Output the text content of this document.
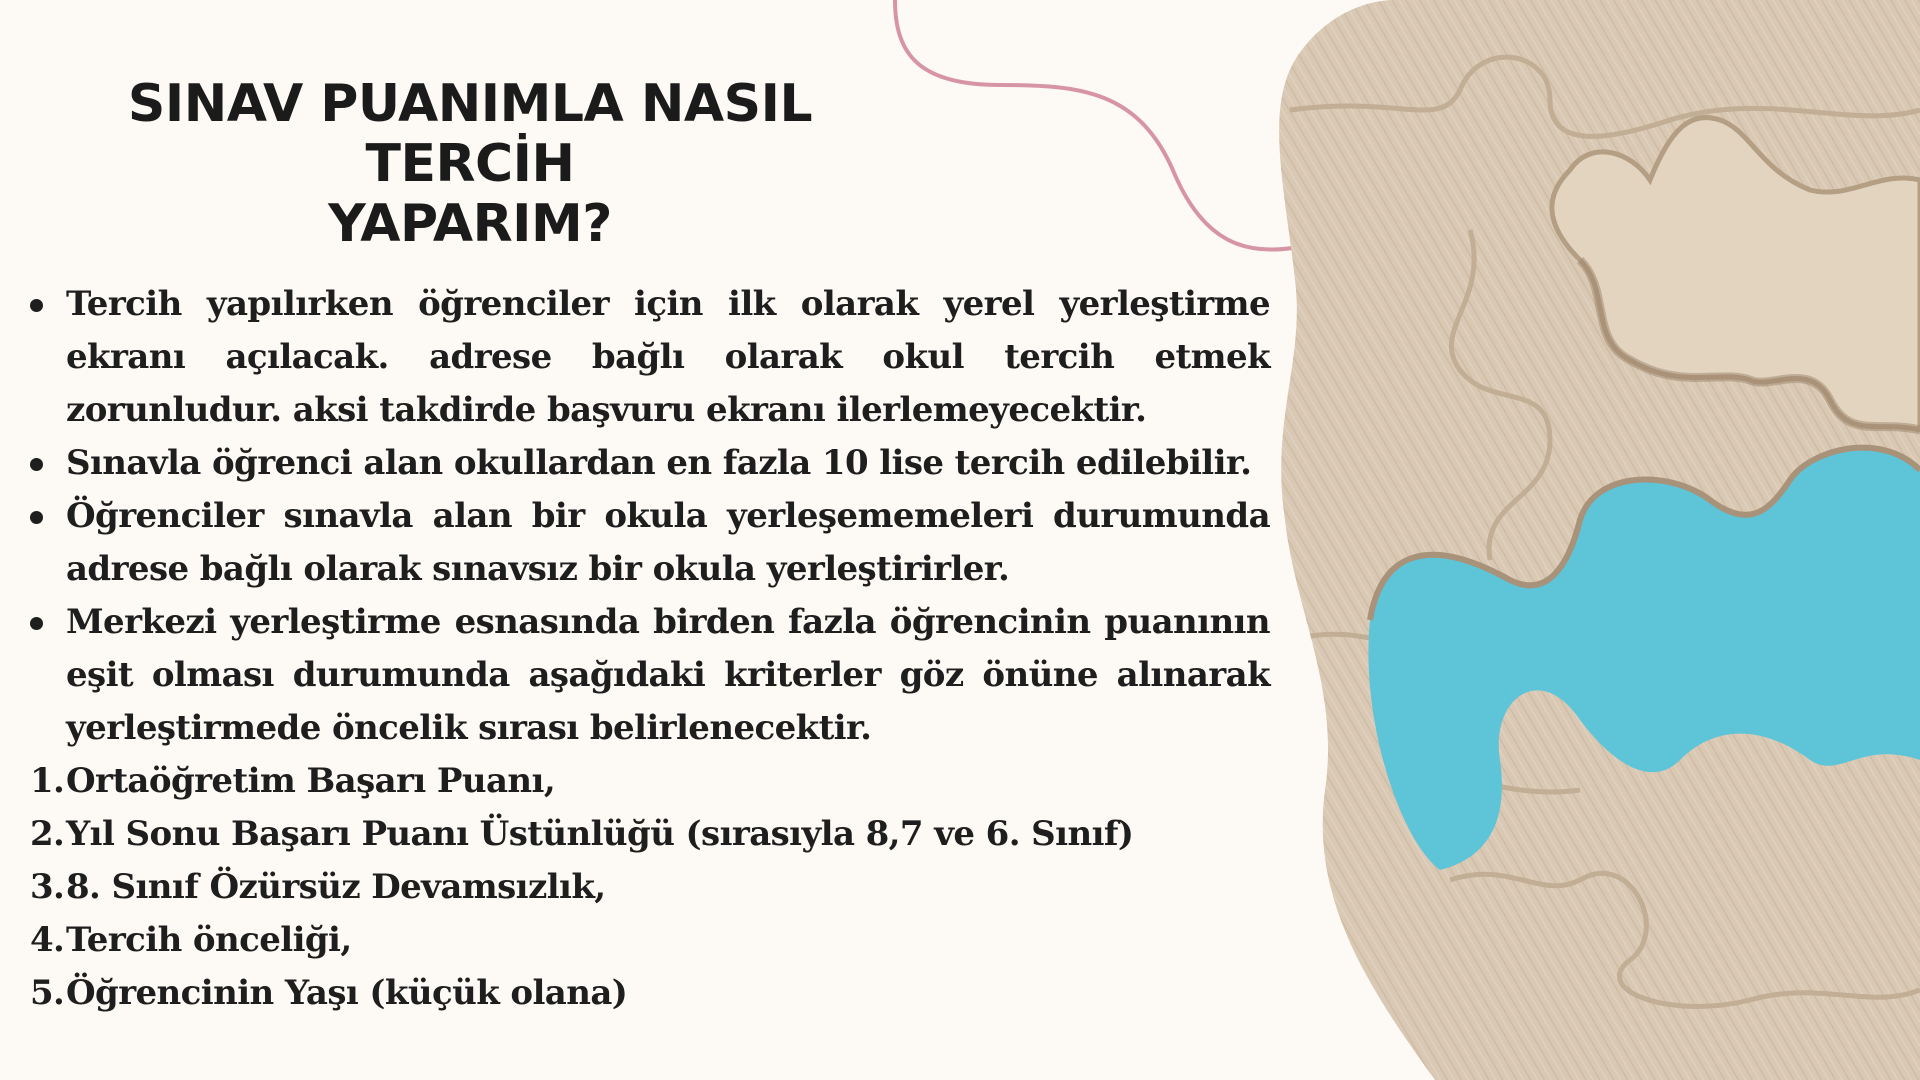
SINAV PUANIMLA NASIL TERCİH
YAPARIM?
Tercih yapılırken öğrenciler için ilk olarak yerel yerleştirme ekranı açılacak. adrese bağlı olarak okul tercih etmek zorunludur. aksi takdirde başvuru ekranı ilerlemeyecektir.
Sınavla öğrenci alan okullardan en fazla 10 lise tercih edilebilir.
Öğrenciler sınavla alan bir okula yerleşememeleri durumunda adrese bağlı olarak sınavsız bir okula yerleştirirler.
Merkezi yerleştirme esnasında birden fazla öğrencinin puanının eşit olması durumunda aşağıdaki kriterler göz önüne alınarak yerleştirmede öncelik sırası belirlenecektir.
1. Ortaöğretim Başarı Puanı,
2. Yıl Sonu Başarı Puanı Üstünlüğü (sırasıyla 8,7 ve 6. Sınıf)
3. 8. Sınıf Özürsüz Devamsızlık,
4. Tercih önceliği,
5. Öğrencinin Yaşı (küçük olana)
